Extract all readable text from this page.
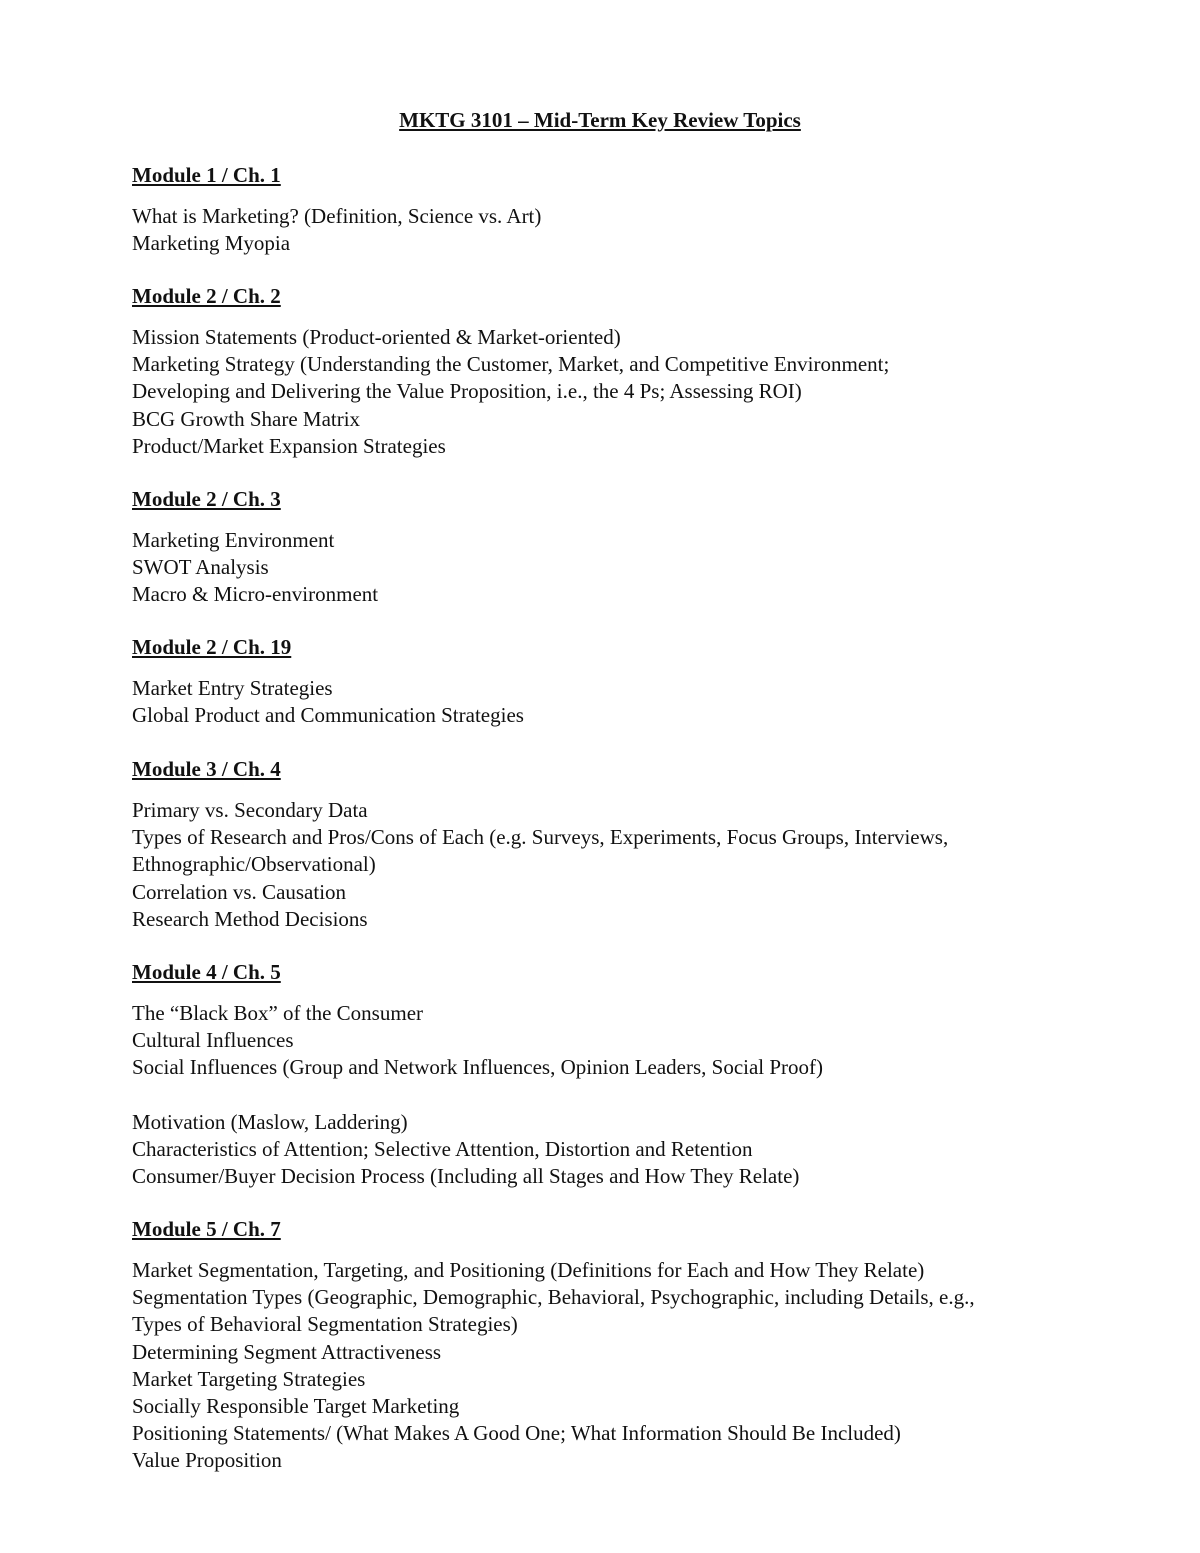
MKTG 3101 – Mid-Term Key Review Topics
Module 1 / Ch. 1

What is Marketing? (Definition, Science vs. Art)

Marketing Myopia

Module 2 / Ch. 2

Mission Statements (Product-oriented & Market-oriented)

Marketing Strategy (Understanding the Customer, Market, and Competitive Environment;

Developing and Delivering the Value Proposition, i.e., the 4 Ps; Assessing ROI)

BCG Growth Share Matrix

Product/Market Expansion Strategies

Module 2 / Ch. 3

Marketing Environment

SWOT Analysis

Macro & Micro-environment

Module 2 / Ch. 19

Market Entry Strategies

Global Product and Communication Strategies

Module 3 / Ch. 4

Primary vs. Secondary Data

Types of Research and Pros/Cons of Each (e.g. Surveys, Experiments, Focus Groups, Interviews,

Ethnographic/Observational)

Correlation vs. Causation

Research Method Decisions

Module 4 / Ch. 5

The “Black Box” of the Consumer

Cultural Influences

Social Influences (Group and Network Influences, Opinion Leaders, Social Proof)

Motivation (Maslow, Laddering)

Characteristics of Attention; Selective Attention, Distortion and Retention

Consumer/Buyer Decision Process (Including all Stages and How They Relate)

Module 5 / Ch. 7

Market Segmentation, Targeting, and Positioning (Definitions for Each and How They Relate)

Segmentation Types (Geographic, Demographic, Behavioral, Psychographic, including Details, e.g.,

Types of Behavioral Segmentation Strategies)

Determining Segment Attractiveness

Market Targeting Strategies

Socially Responsible Target Marketing

Positioning Statements/ (What Makes A Good One; What Information Should Be Included)

Value Proposition
